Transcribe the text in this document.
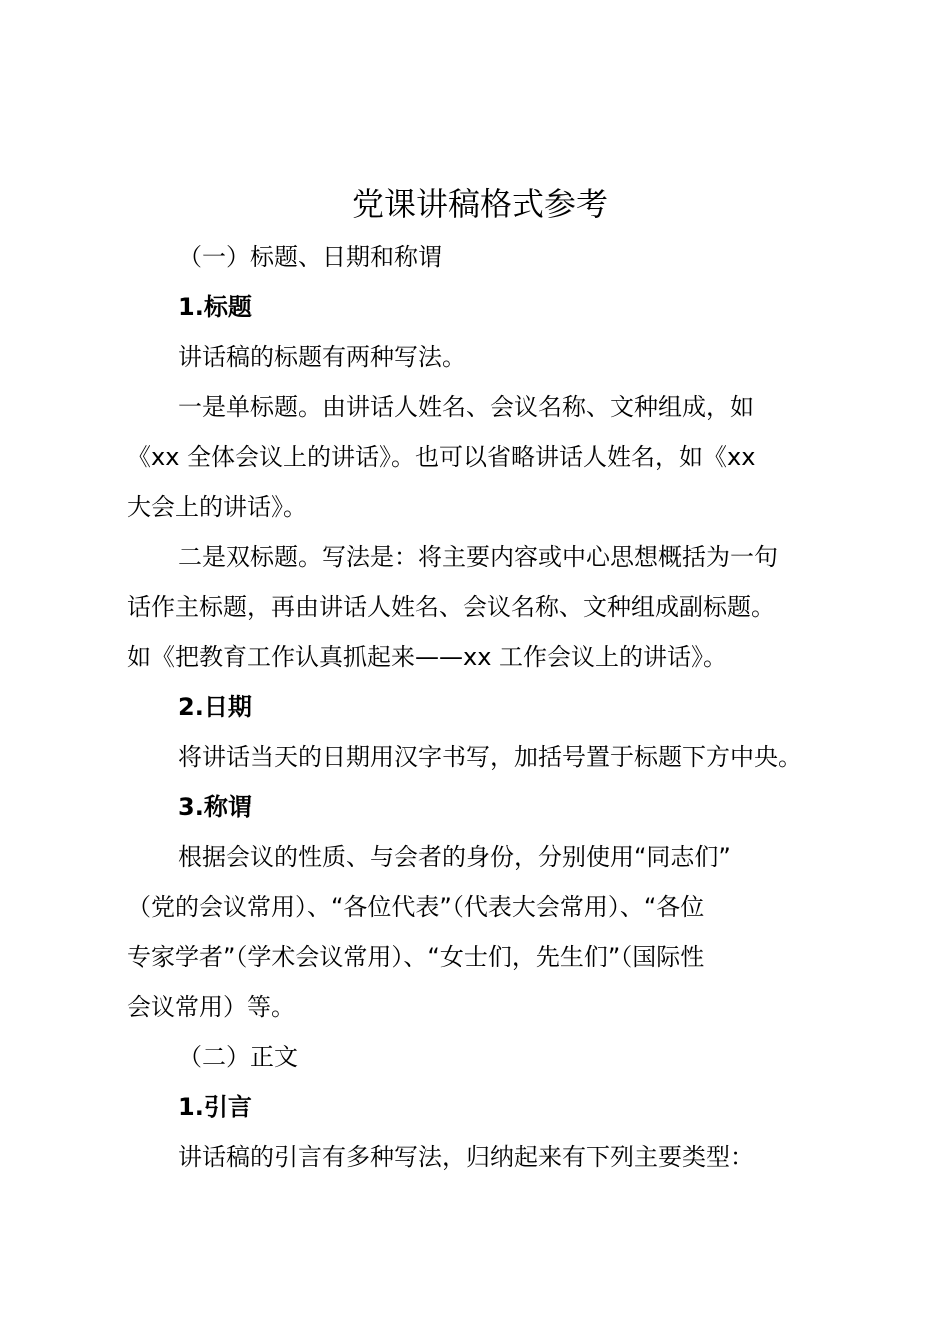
党课讲稿格式参考

（一）标题、日期和称谓

1.标题

讲话稿的标题有两种写法。

一是单标题。由讲话人姓名、会议名称、文种组成，如
《xx 全体会议上的讲话》。也可以省略讲话人姓名，如《xx
大会上的讲话》。
二是双标题。写法是：将主要内容或中心思想概括为一句
话作主标题，再由讲话人姓名、会议名称、文种组成副标题。
如《把教育工作认真抓起来——xx 工作会议上的讲话》。

2.日期

将讲话当天的日期用汉字书写，加括号置于标题下方中央。

3.称谓

根据会议的性质、与会者的身份，分别使用“同志们”
（党的会议常用）、“各位代表”（代表大会常用）、“各位
专家学者”（学术会议常用）、“女士们，先生们”（国际性
会议常用）等。

（二）正文

1.引言

讲话稿的引言有多种写法，归纳起来有下列主要类型：
